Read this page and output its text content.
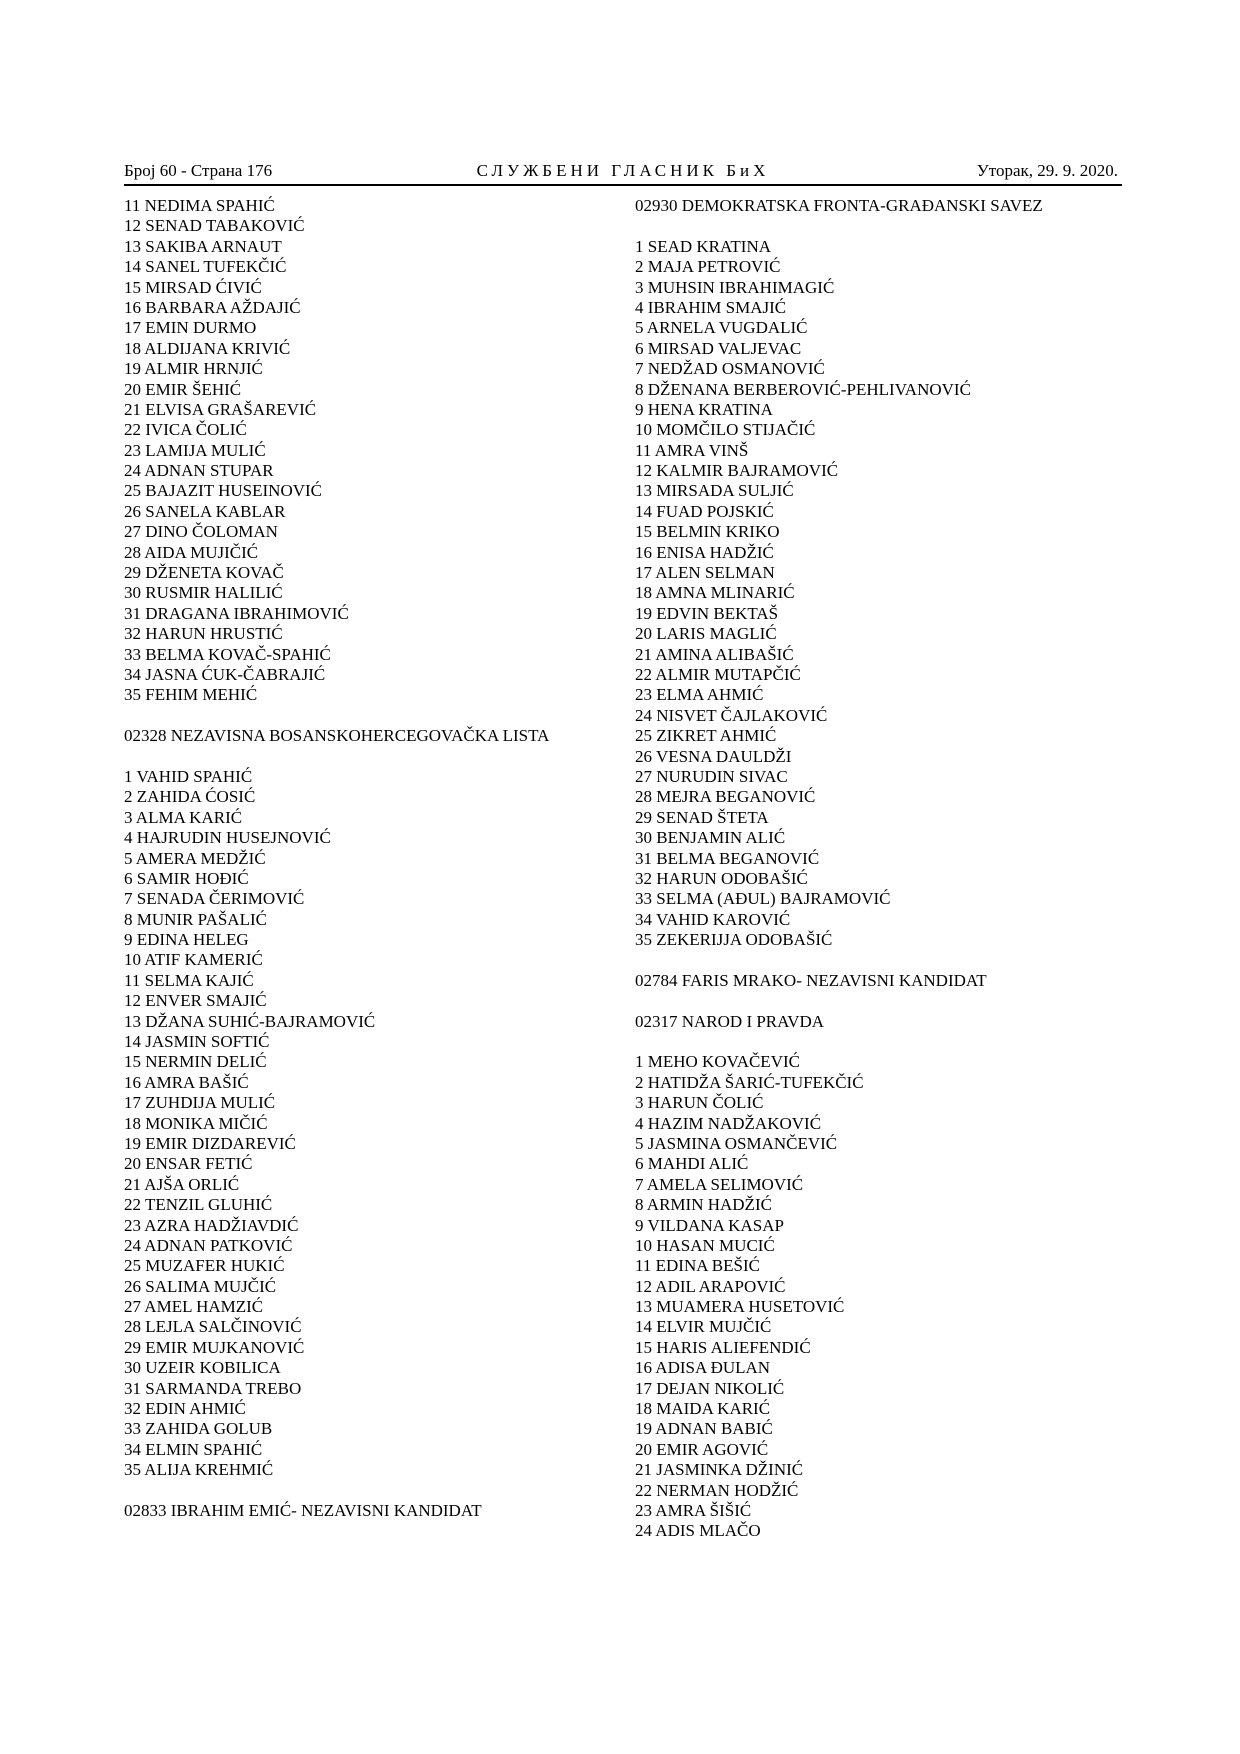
Број 60 - Страна 176	СЛУЖБЕНИ ГЛАСНИК БиХ	Уторак, 29. 9. 2020.
11 NEDIMA SPAHIĆ
12 SENAD TABAKOVIĆ
13 SAKIBA ARNAUT
14 SANEL TUFEKČIĆ
15 MIRSAD ĆIVIĆ
16 BARBARA AŽDAJIĆ
17 EMIN DURMO
18 ALDIJANA KRIVIĆ
19 ALMIR HRNJIĆ
20 EMIR ŠEHIĆ
21 ELVISA GRAŠAREVIĆ
22 IVICA ČOLIĆ
23 LAMIJA MULIĆ
24 ADNAN STUPAR
25 BAJAZIT HUSEINOVIĆ
26 SANELA KABLAR
27 DINO ČOLOMAN
28 AIDA MUJIČIĆ
29 DŽENETA KOVAČ
30 RUSMIR HALILIĆ
31 DRAGANA IBRAHIMOVIĆ
32 HARUN HRUSTIĆ
33 BELMA KOVAČ-SPAHIĆ
34 JASNA ĆUK-ČABRAJIĆ
35 FEHIM MEHIĆ
02328 NEZAVISNA BOSANSKOHERCEGOVAČKA LISTA
1 VAHID SPAHIĆ
2 ZAHIDA ĆOSIĆ
3 ALMA KARIĆ
4 HAJRUDIN HUSEJNOVIĆ
5 AMERA MEDŽIĆ
6 SAMIR HOĐIĆ
7 SENADA ČERIMOVIĆ
8 MUNIR PAŠALIĆ
9 EDINA HELEG
10 ATIF KAMERIĆ
11 SELMA KAJIĆ
12 ENVER SMAJIĆ
13 DŽANA SUHIĆ-BAJRAMOVIĆ
14 JASMIN SOFTIĆ
15 NERMIN DELIĆ
16 AMRA BAŠIĆ
17 ZUHDIJA MULIĆ
18 MONIKA MIČIĆ
19 EMIR DIZDAREVIĆ
20 ENSAR FETIĆ
21 AJŠA ORLIĆ
22 TENZIL GLUHIĆ
23 AZRA HADŽIAVDIĆ
24 ADNAN PATKOVIĆ
25 MUZAFER HUKIĆ
26 SALIMA MUJČIĆ
27 AMEL HAMZIĆ
28 LEJLA SALČINOVIĆ
29 EMIR MUJKANOVIĆ
30 UZEIR KOBILICA
31 SARMANDA TREBO
32 EDIN AHMIĆ
33 ZAHIDA GOLUB
34 ELMIN SPAHIĆ
35 ALIJA KREHMIĆ
02833 IBRAHIM EMIĆ- NEZAVISNI KANDIDAT
02930 DEMOKRATSKA FRONTA-GRAĐANSKI SAVEZ
1 SEAD KRATINA
2 MAJA PETROVIĆ
3 MUHSIN IBRAHIMAGIĆ
4 IBRAHIM SMAJIĆ
5 ARNELA VUGDALIĆ
6 MIRSAD VALJEVAC
7 NEDŽAD OSMANOVIĆ
8 DŽENANA BERBEROVIĆ-PEHLIVANOVIĆ
9 HENA KRATINA
10 MOMČILO STIJAČIĆ
11 AMRA VINŠ
12 KALMIR BAJRAMOVIĆ
13 MIRSADA SULJIĆ
14 FUAD POJSKIĆ
15 BELMIN KRIKO
16 ENISA HADŽIĆ
17 ALEN SELMAN
18 AMNA MLINARIĆ
19 EDVIN BEKTAŠ
20 LARIS MAGLIĆ
21 AMINA ALIBAŠIĆ
22 ALMIR MUTAPČIĆ
23 ELMA AHMIĆ
24 NISVET ČAJLAKOVIĆ
25 ZIKRET AHMIĆ
26 VESNA DAULDŽI
27 NURUDIN SIVAC
28 MEJRA BEGANOVIĆ
29 SENAD ŠTETA
30 BENJAMIN ALIĆ
31 BELMA BEGANOVIĆ
32 HARUN ODOBAŠIĆ
33 SELMA (AĐUL) BAJRAMOVIĆ
34 VAHID KAROVIĆ
35 ZEKERIJJA ODOBAŠIĆ
02784 FARIS MRAKO- NEZAVISNI KANDIDAT
02317 NAROD I PRAVDA
1 MEHO KOVAČEVIĆ
2 HATIDŽA ŠARIĆ-TUFEKČIĆ
3 HARUN ČOLIĆ
4 HAZIM NADŽAKOVIĆ
5 JASMINA OSMANČEVIĆ
6 MAHDI ALIĆ
7 AMELA SELIMOVIĆ
8 ARMIN HADŽIĆ
9 VILDANA KASAP
10 HASAN MUCIĆ
11 EDINA BEŠIĆ
12 ADIL ARAPOVIĆ
13 MUAMERA HUSETOVIĆ
14 ELVIR MUJČIĆ
15 HARIS ALIEFENDIĆ
16 ADISA ĐULAN
17 DEJAN NIKOLIĆ
18 MAIDA KARIĆ
19 ADNAN BABIĆ
20 EMIR AGOVIĆ
21 JASMINKA DŽINIĆ
22 NERMAN HODŽIĆ
23 AMRA ŠIŠIĆ
24 ADIS MLAČO
